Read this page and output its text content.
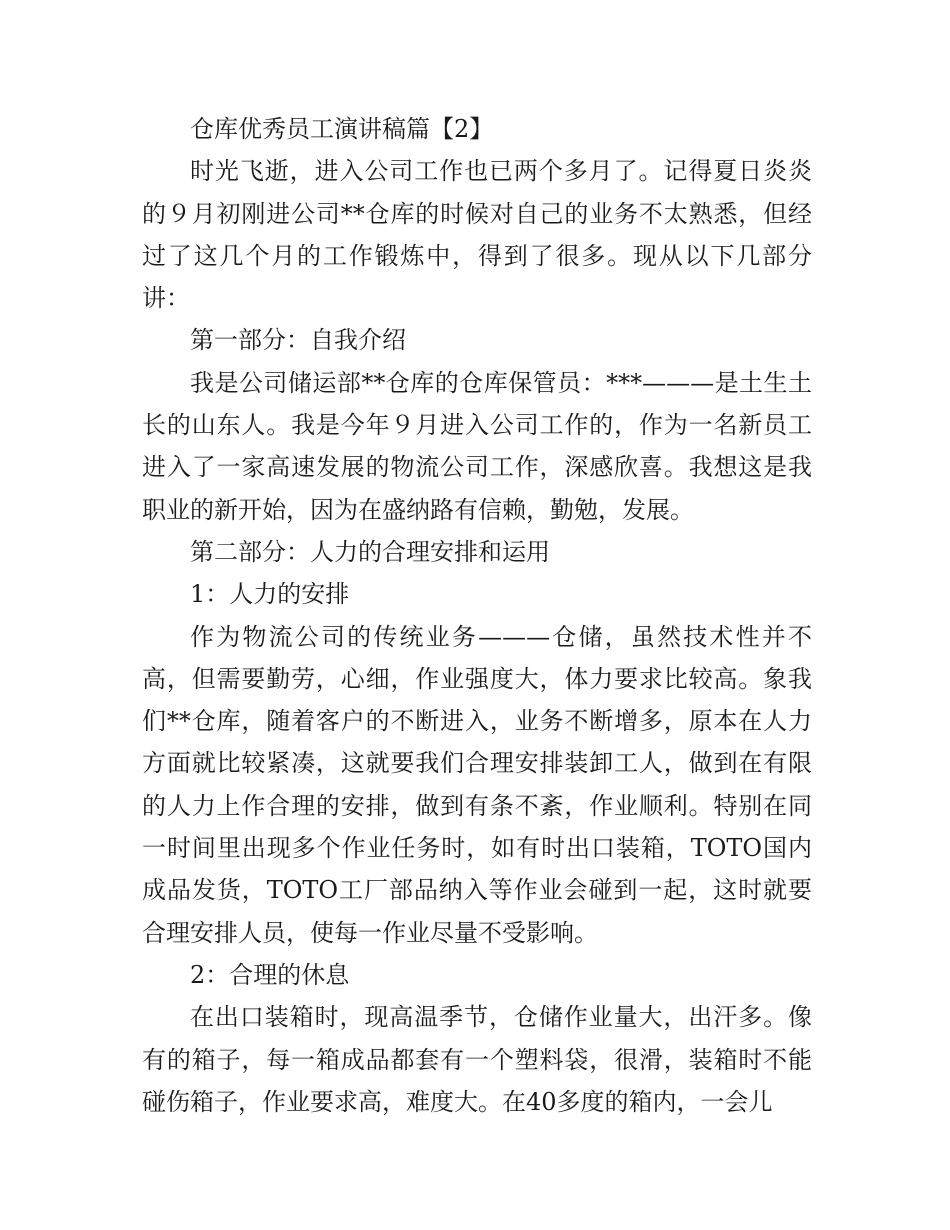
仓库优秀员工演讲稿篇【2】

时光飞逝，进入公司工作也已两个多月了。记得夏日炎炎的９月初刚进公司**仓库的时候对自己的业务不太熟悉，但经过了这几个月的工作锻炼中，得到了很多。现从以下几部分讲：

第一部分：自我介绍

我是公司储运部**仓库的仓库保管员：***———是土生土长的山东人。我是今年９月进入公司工作的，作为一名新员工进入了一家高速发展的物流公司工作，深感欣喜。我想这是我职业的新开始，因为在盛纳路有信赖，勤勉，发展。

第二部分：人力的合理安排和运用

1：人力的安排

作为物流公司的传统业务———仓储，虽然技术性并不高，但需要勤劳，心细，作业强度大，体力要求比较高。象我们**仓库，随着客户的不断进入，业务不断增多，原本在人力方面就比较紧凑，这就要我们合理安排装卸工人，做到在有限的人力上作合理的安排，做到有条不紊，作业顺利。特别在同一时间里出现多个作业任务时，如有时出口装箱，TOTO国内成品发货，TOTO工厂部品纳入等作业会碰到一起，这时就要合理安排人员，使每一作业尽量不受影响。

2：合理的休息

在出口装箱时，现高温季节，仓储作业量大，出汗多。像有的箱子，每一箱成品都套有一个塑料袋，很滑，装箱时不能碰伤箱子，作业要求高，难度大。在40多度的箱内，一会儿
